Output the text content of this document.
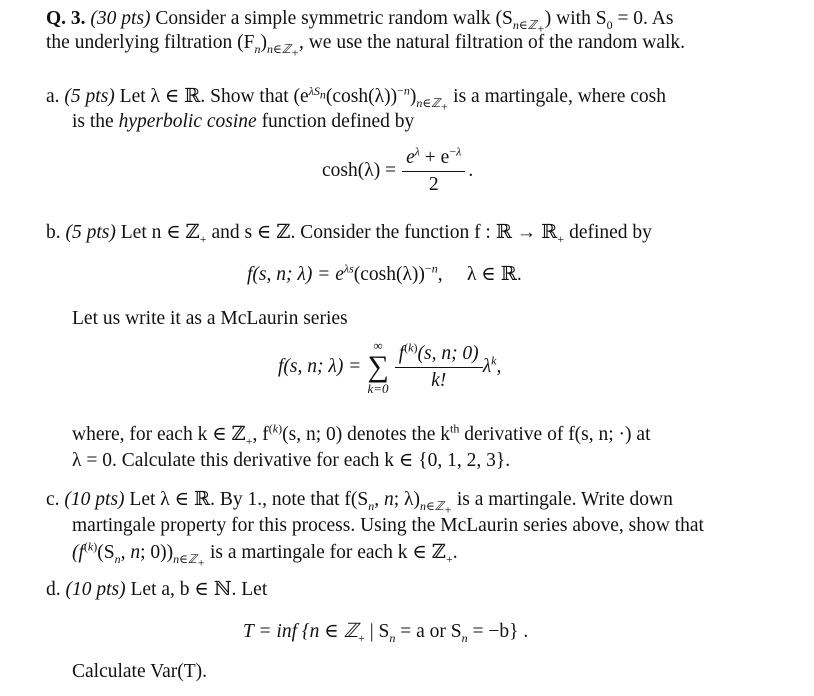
Q. 3. (30 pts) Consider a simple symmetric random walk $(S_{n\in ℤ_+})$ with $S_0 = 0$. As
the underlying filtration $(F_n)_{n\in ℤ_+}$, we use the natural filtration of the random walk.
a. (5 pts) Let λ ∈ ℝ. Show that $(e^{\lambda S_n}(\cosh(\lambda))^{-n})_{n\in ℤ_+}$ is a martingale, where cosh
is the hyperbolic cosine function defined by
$\cosh(\lambda) = \frac{e^\lambda + e^{-\lambda}}{2}$ .
b. (5 pts) Let n ∈ ℤ$_+$ and s ∈ ℤ. Consider the function f : ℝ → ℝ$_+$ defined by
f(s, n; $\lambda) = e^{\lambda s}(\cosh(\lambda))^{-n}$,     λ ∈ ℝ.
Let us write it as a McLaurin series
f(s, n; λ) =
∞
∑
$k=0 \frac{f^{(k)}(s, n; 0)}{k!} \lambda^k$ ,
where, for each k ∈ ℤ$_+$, $f^{(k)}(s$, n; 0) denotes the $k^{th}$ derivative of f(s, n; ·) at
λ = 0. Calculate this derivative for each k ∈ {0, 1, 2, 3}.
c. (10 pts) Let λ ∈ ℝ. By 1., note that $f(S_n$, n; $\lambda)_{n\in ℤ_+}$ is a martingale. Write down
martingale property for this process. Using the McLaurin series above, show that
($f^{(k)}(S_n$, n; $0))_{n\in ℤ_+}$ is a martingale for each k ∈ ℤ$_+$.
d. (10 pts) Let a, b ∈ ℕ. Let
T = inf {n ∈ ℤ$_+$ | $S_n = a$ or $S_n = -b$} .
Calculate Var(T).
